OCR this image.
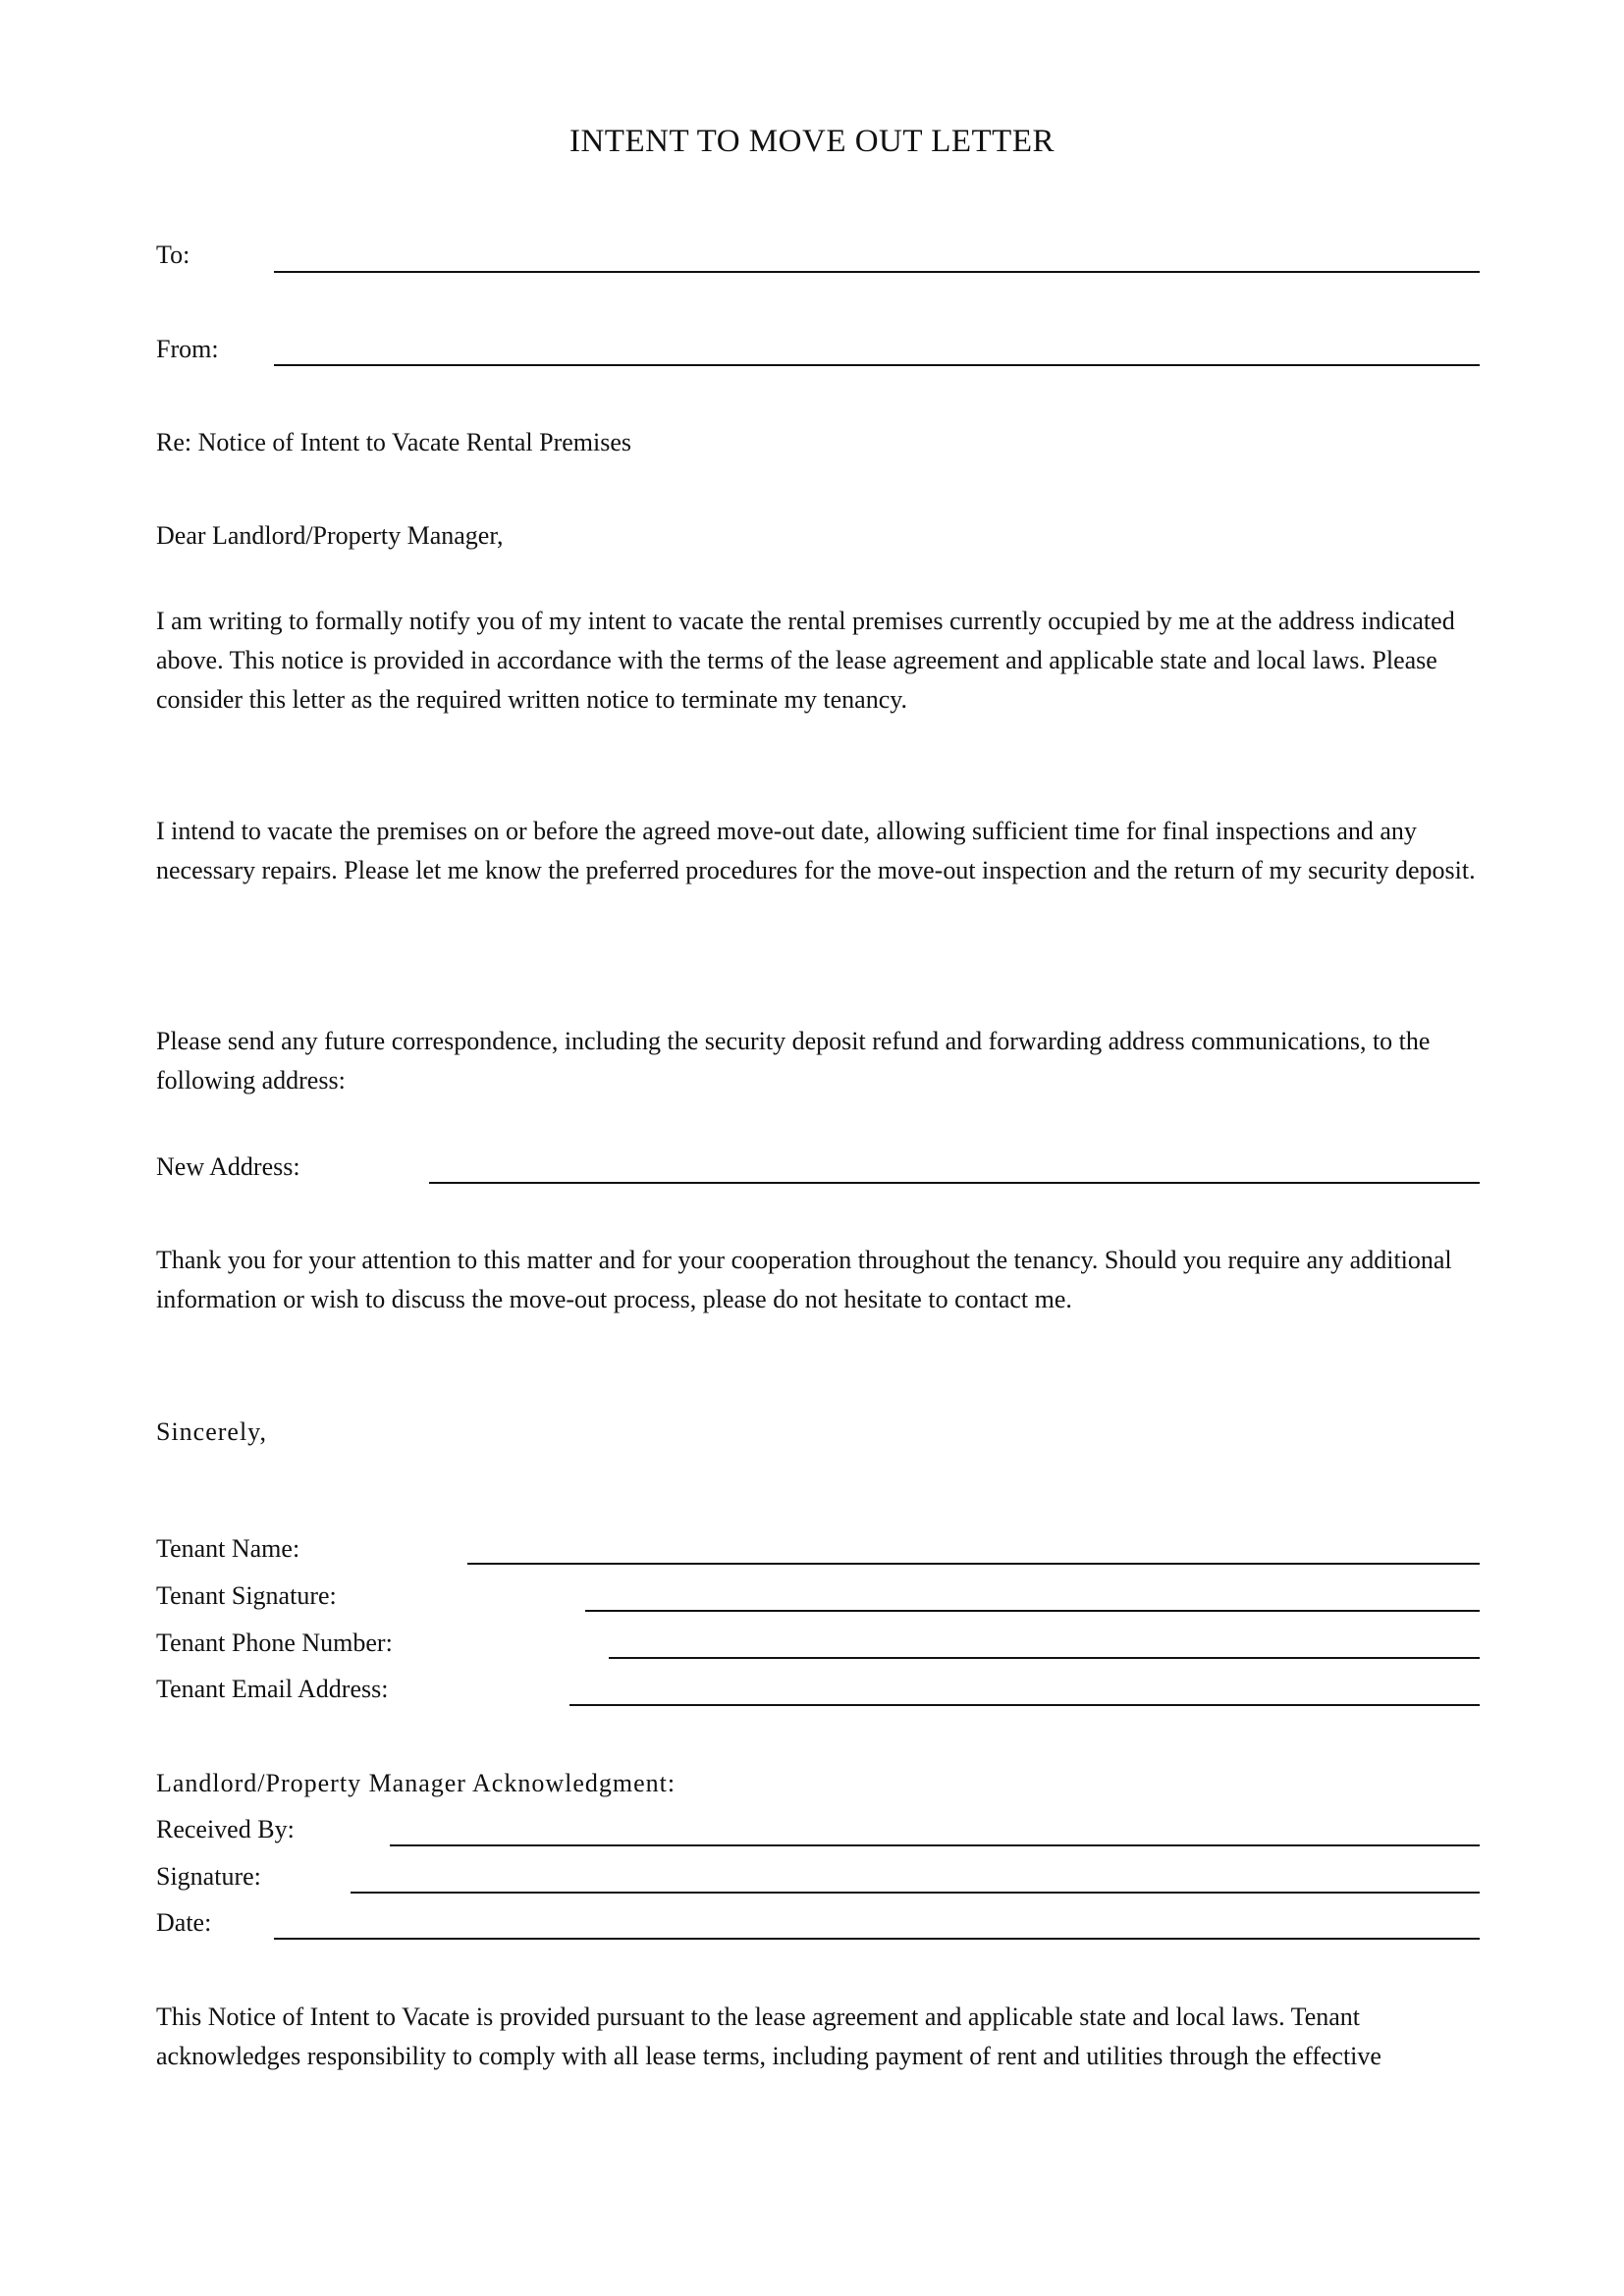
INTENT TO MOVE OUT LETTER
To:
From:
Re: Notice of Intent to Vacate Rental Premises
Dear Landlord/Property Manager,
I am writing to formally notify you of my intent to vacate the rental premises currently occupied by me at the address indicated above. This notice is provided in accordance with the terms of the lease agreement and applicable state and local laws. Please consider this letter as the required written notice to terminate my tenancy.
I intend to vacate the premises on or before the agreed move-out date, allowing sufficient time for final inspections and any necessary repairs. Please let me know the preferred procedures for the move-out inspection and the return of my security deposit.
Please send any future correspondence, including the security deposit refund and forwarding address communications, to the following address:
New Address:
Thank you for your attention to this matter and for your cooperation throughout the tenancy. Should you require any additional information or wish to discuss the move-out process, please do not hesitate to contact me.
Sincerely,
Tenant Name:
Tenant Signature:
Tenant Phone Number:
Tenant Email Address:
Landlord/Property Manager Acknowledgment:
Received By:
Signature:
Date:
This Notice of Intent to Vacate is provided pursuant to the lease agreement and applicable state and local laws. Tenant
acknowledges responsibility to comply with all lease terms, including payment of rent and utilities through the effective
